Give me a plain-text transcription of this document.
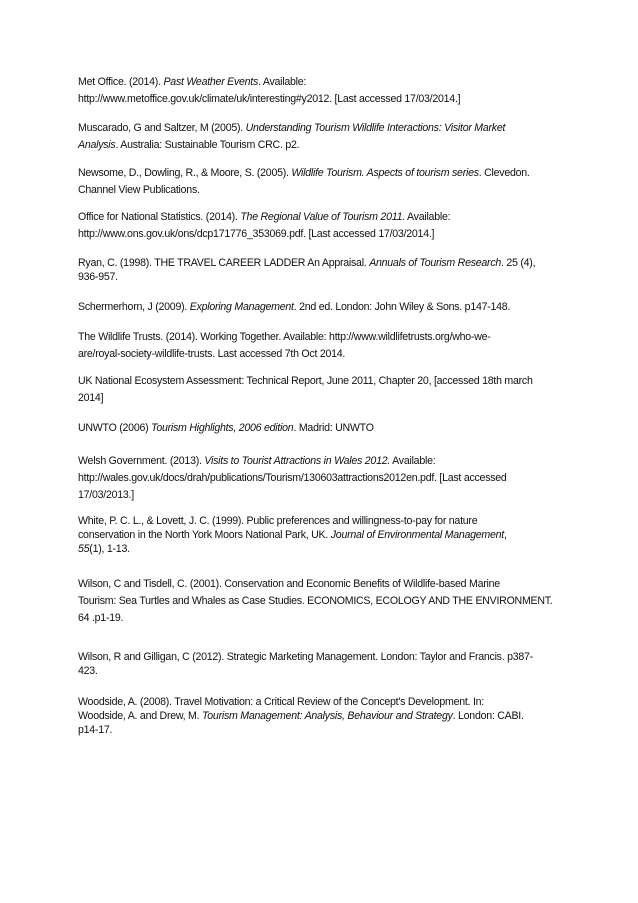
Met Office. (2014). Past Weather Events. Available:
http://www.metoffice.gov.uk/climate/uk/interesting#y2012. [Last accessed 17/03/2014.]
Muscarado, G and Saltzer, M (2005). Understanding Tourism Wildlife Interactions: Visitor Market
Analysis. Australia: Sustainable Tourism CRC. p2.
Newsome, D., Dowling, R., & Moore, S. (2005). Wildlife Tourism. Aspects of tourism series. Clevedon.
Channel View Publications.
Office for National Statistics. (2014). The Regional Value of Tourism 2011. Available:
http://www.ons.gov.uk/ons/dcp171776_353069.pdf. [Last accessed 17/03/2014.]
Ryan, C. (1998). THE TRAVEL CAREER LADDER An Appraisal. Annuals of Tourism Research. 25 (4),
936-957.
Schermerhorn, J (2009). Exploring Management. 2nd ed. London: John Wiley & Sons. p147-148.
The Wildlife Trusts. (2014). Working Together. Available: http://www.wildlifetrusts.org/who-we-
are/royal-society-wildlife-trusts. Last accessed 7th Oct 2014.
UK National Ecosystem Assessment: Technical Report, June 2011, Chapter 20, [accessed 18th march
2014]
UNWTO (2006) Tourism Highlights, 2006 edition. Madrid: UNWTO
Welsh Government. (2013). Visits to Tourist Attractions in Wales 2012. Available:
http://wales.gov.uk/docs/drah/publications/Tourism/130603attractions2012en.pdf. [Last accessed
17/03/2013.]
White, P. C. L., & Lovett, J. C. (1999). Public preferences and willingness-to-pay for nature
conservation in the North York Moors National Park, UK. Journal of Environmental Management,
55(1), 1-13.
Wilson, C and Tisdell, C. (2001). Conservation and Economic Benefits of Wildlife-based Marine
Tourism: Sea Turtles and Whales as Case Studies. ECONOMICS, ECOLOGY AND THE ENVIRONMENT.
64 .p1-19.
Wilson, R and Gilligan, C (2012). Strategic Marketing Management. London: Taylor and Francis. p387-
423.
Woodside, A. (2008). Travel Motivation: a Critical Review of the Concept's Development. In:
Woodside, A. and Drew, M. Tourism Management: Analysis, Behaviour and Strategy. London: CABI.
p14-17.
